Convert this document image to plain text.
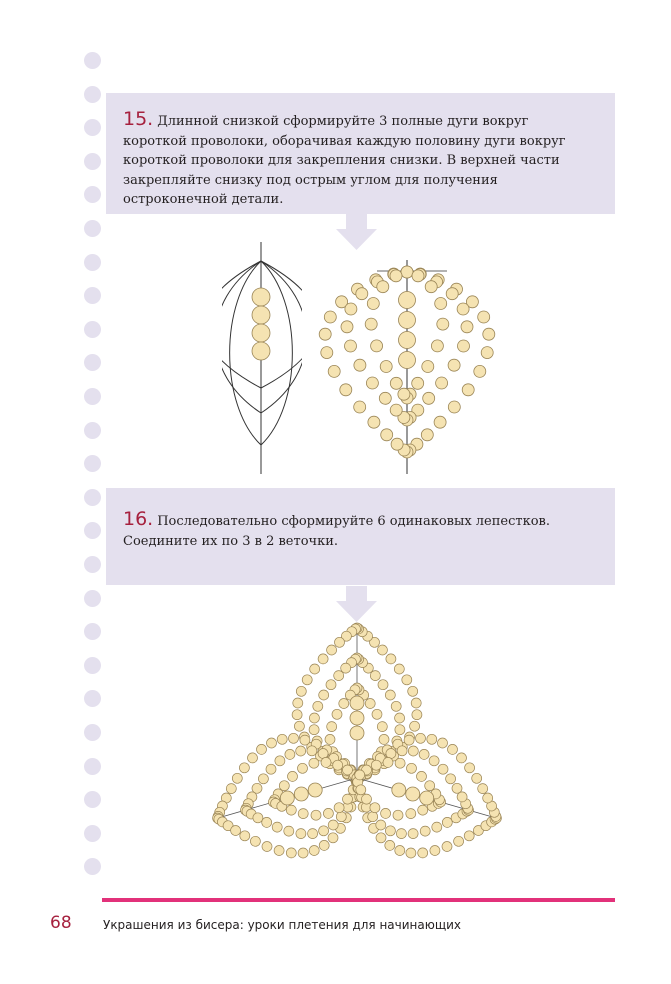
15. Длинной снизкой сформируйте 3 полные дуги вокруг короткой проволоки, оборачивая каждую половину дуги вокруг короткой проволоки для закрепления снизки. В верхней части закрепляйте снизку под острым углом для получения остроконечной детали.

16. Последовательно сформируйте 6 одинаковых лепестков. Соедините их по 3 в 2 веточки.

68	Украшения из бисера: уроки плетения для начинающих
